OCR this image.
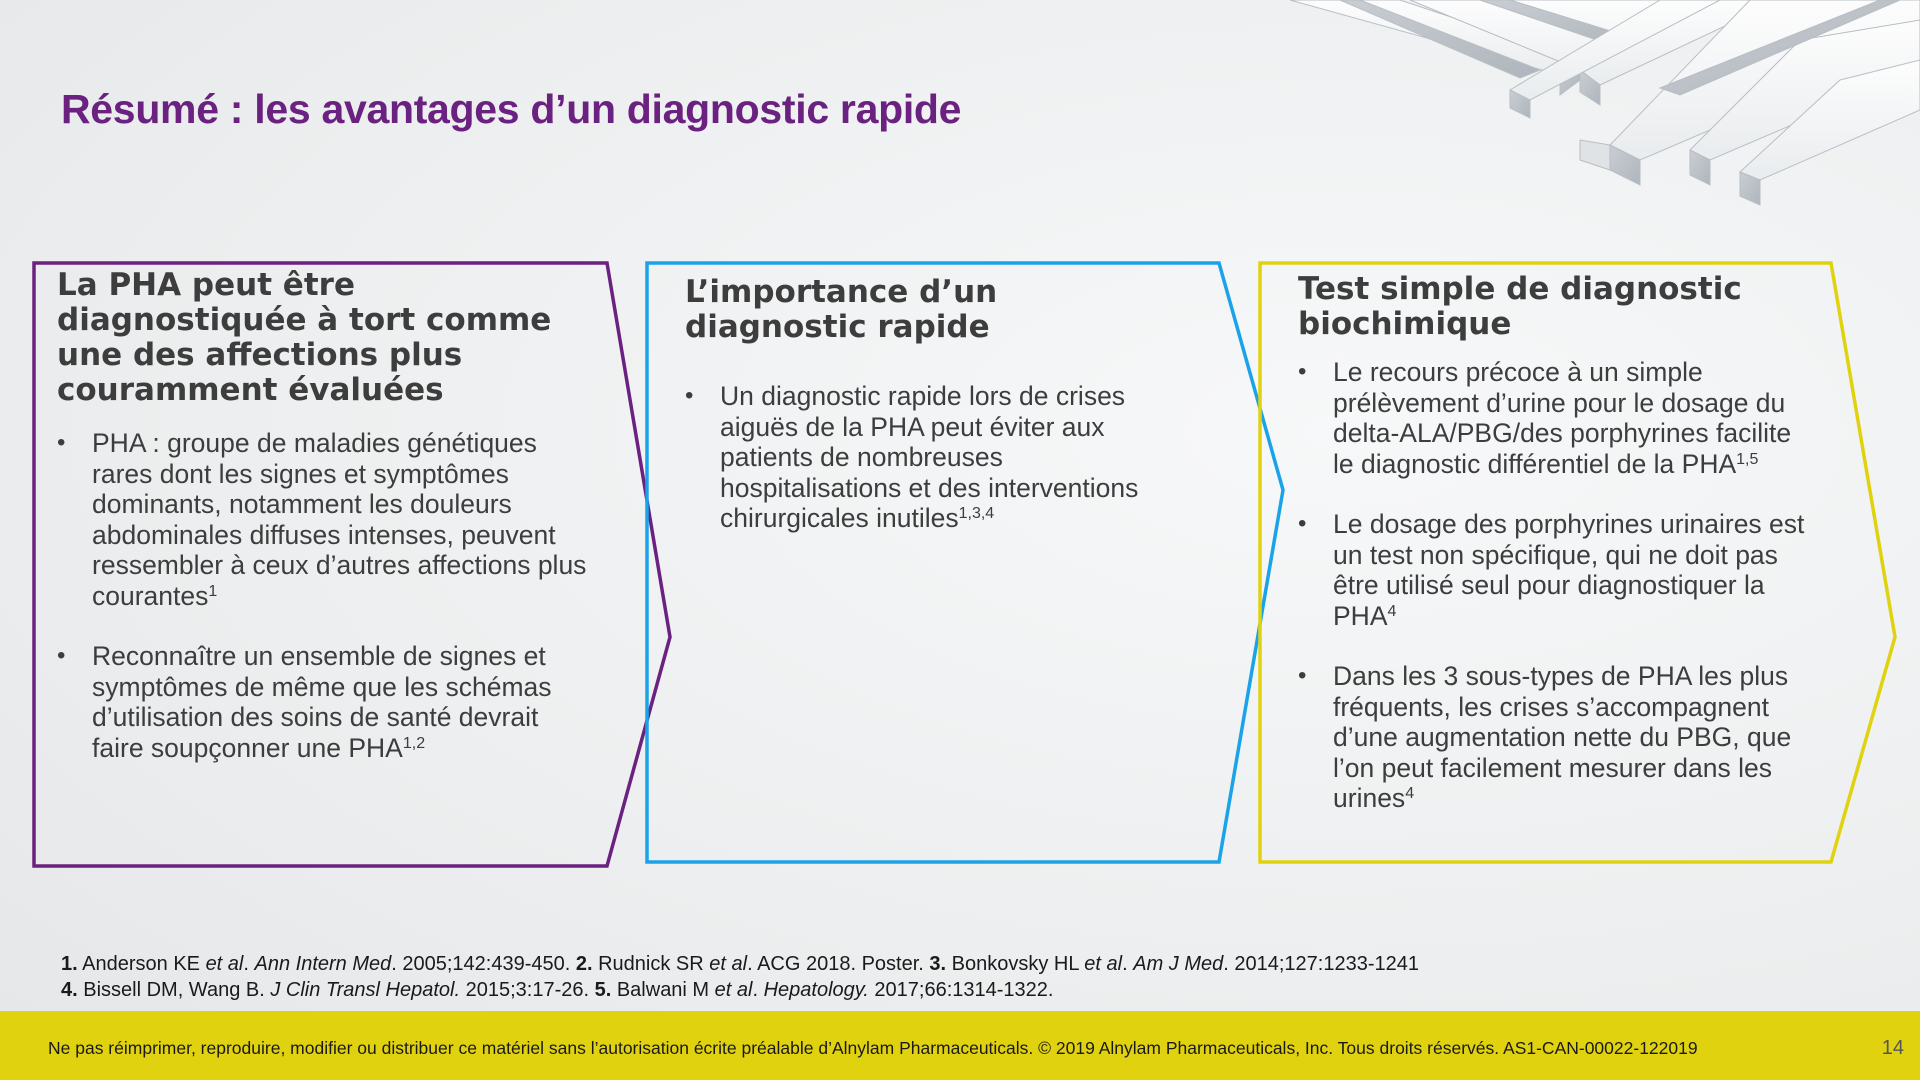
Résumé : les avantages d’un diagnostic rapide
La PHA peut être diagnostiquée à tort comme une des affections plus couramment évaluées
• PHA : groupe de maladies génétiques rares dont les signes et symptômes dominants, notamment les douleurs abdominales diffuses intenses, peuvent ressembler à ceux d’autres affections plus courantes$^1$
• Reconnaître un ensemble de signes et symptômes de même que les schémas d’utilisation des soins de santé devrait faire soupçonner une PHA$^{1,2}$
L’importance d’un diagnostic rapide
• Un diagnostic rapide lors de crises aiguës de la PHA peut éviter aux patients de nombreuses hospitalisations et des interventions chirurgicales inutiles$^{1,3,4}$
Test simple de diagnostic biochimique
• Le recours précoce à un simple prélèvement d’urine pour le dosage du delta-ALA/PBG/des porphyrines facilite le diagnostic différentiel de la PHA$^{1,5}$
• Le dosage des porphyrines urinaires est un test non spécifique, qui ne doit pas être utilisé seul pour diagnostiquer la PHA$^4$
• Dans les 3 sous-types de PHA les plus fréquents, les crises s’accompagnent d’une augmentation nette du PBG, que l’on peut facilement mesurer dans les urines$^4$
1. Anderson KE et al. Ann Intern Med. 2005;142:439-450. 2. Rudnick SR et al. ACG 2018. Poster. 3. Bonkovsky HL et al. Am J Med. 2014;127:1233-1241
4. Bissell DM, Wang B. J Clin Transl Hepatol. 2015;3:17-26. 5. Balwani M et al. Hepatology. 2017;66:1314-1322.
Ne pas réimprimer, reproduire, modifier ou distribuer ce matériel sans l’autorisation écrite préalable d’Alnylam Pharmaceuticals. © 2019 Alnylam Pharmaceuticals, Inc. Tous droits réservés. AS1-CAN-00022-122019	14
